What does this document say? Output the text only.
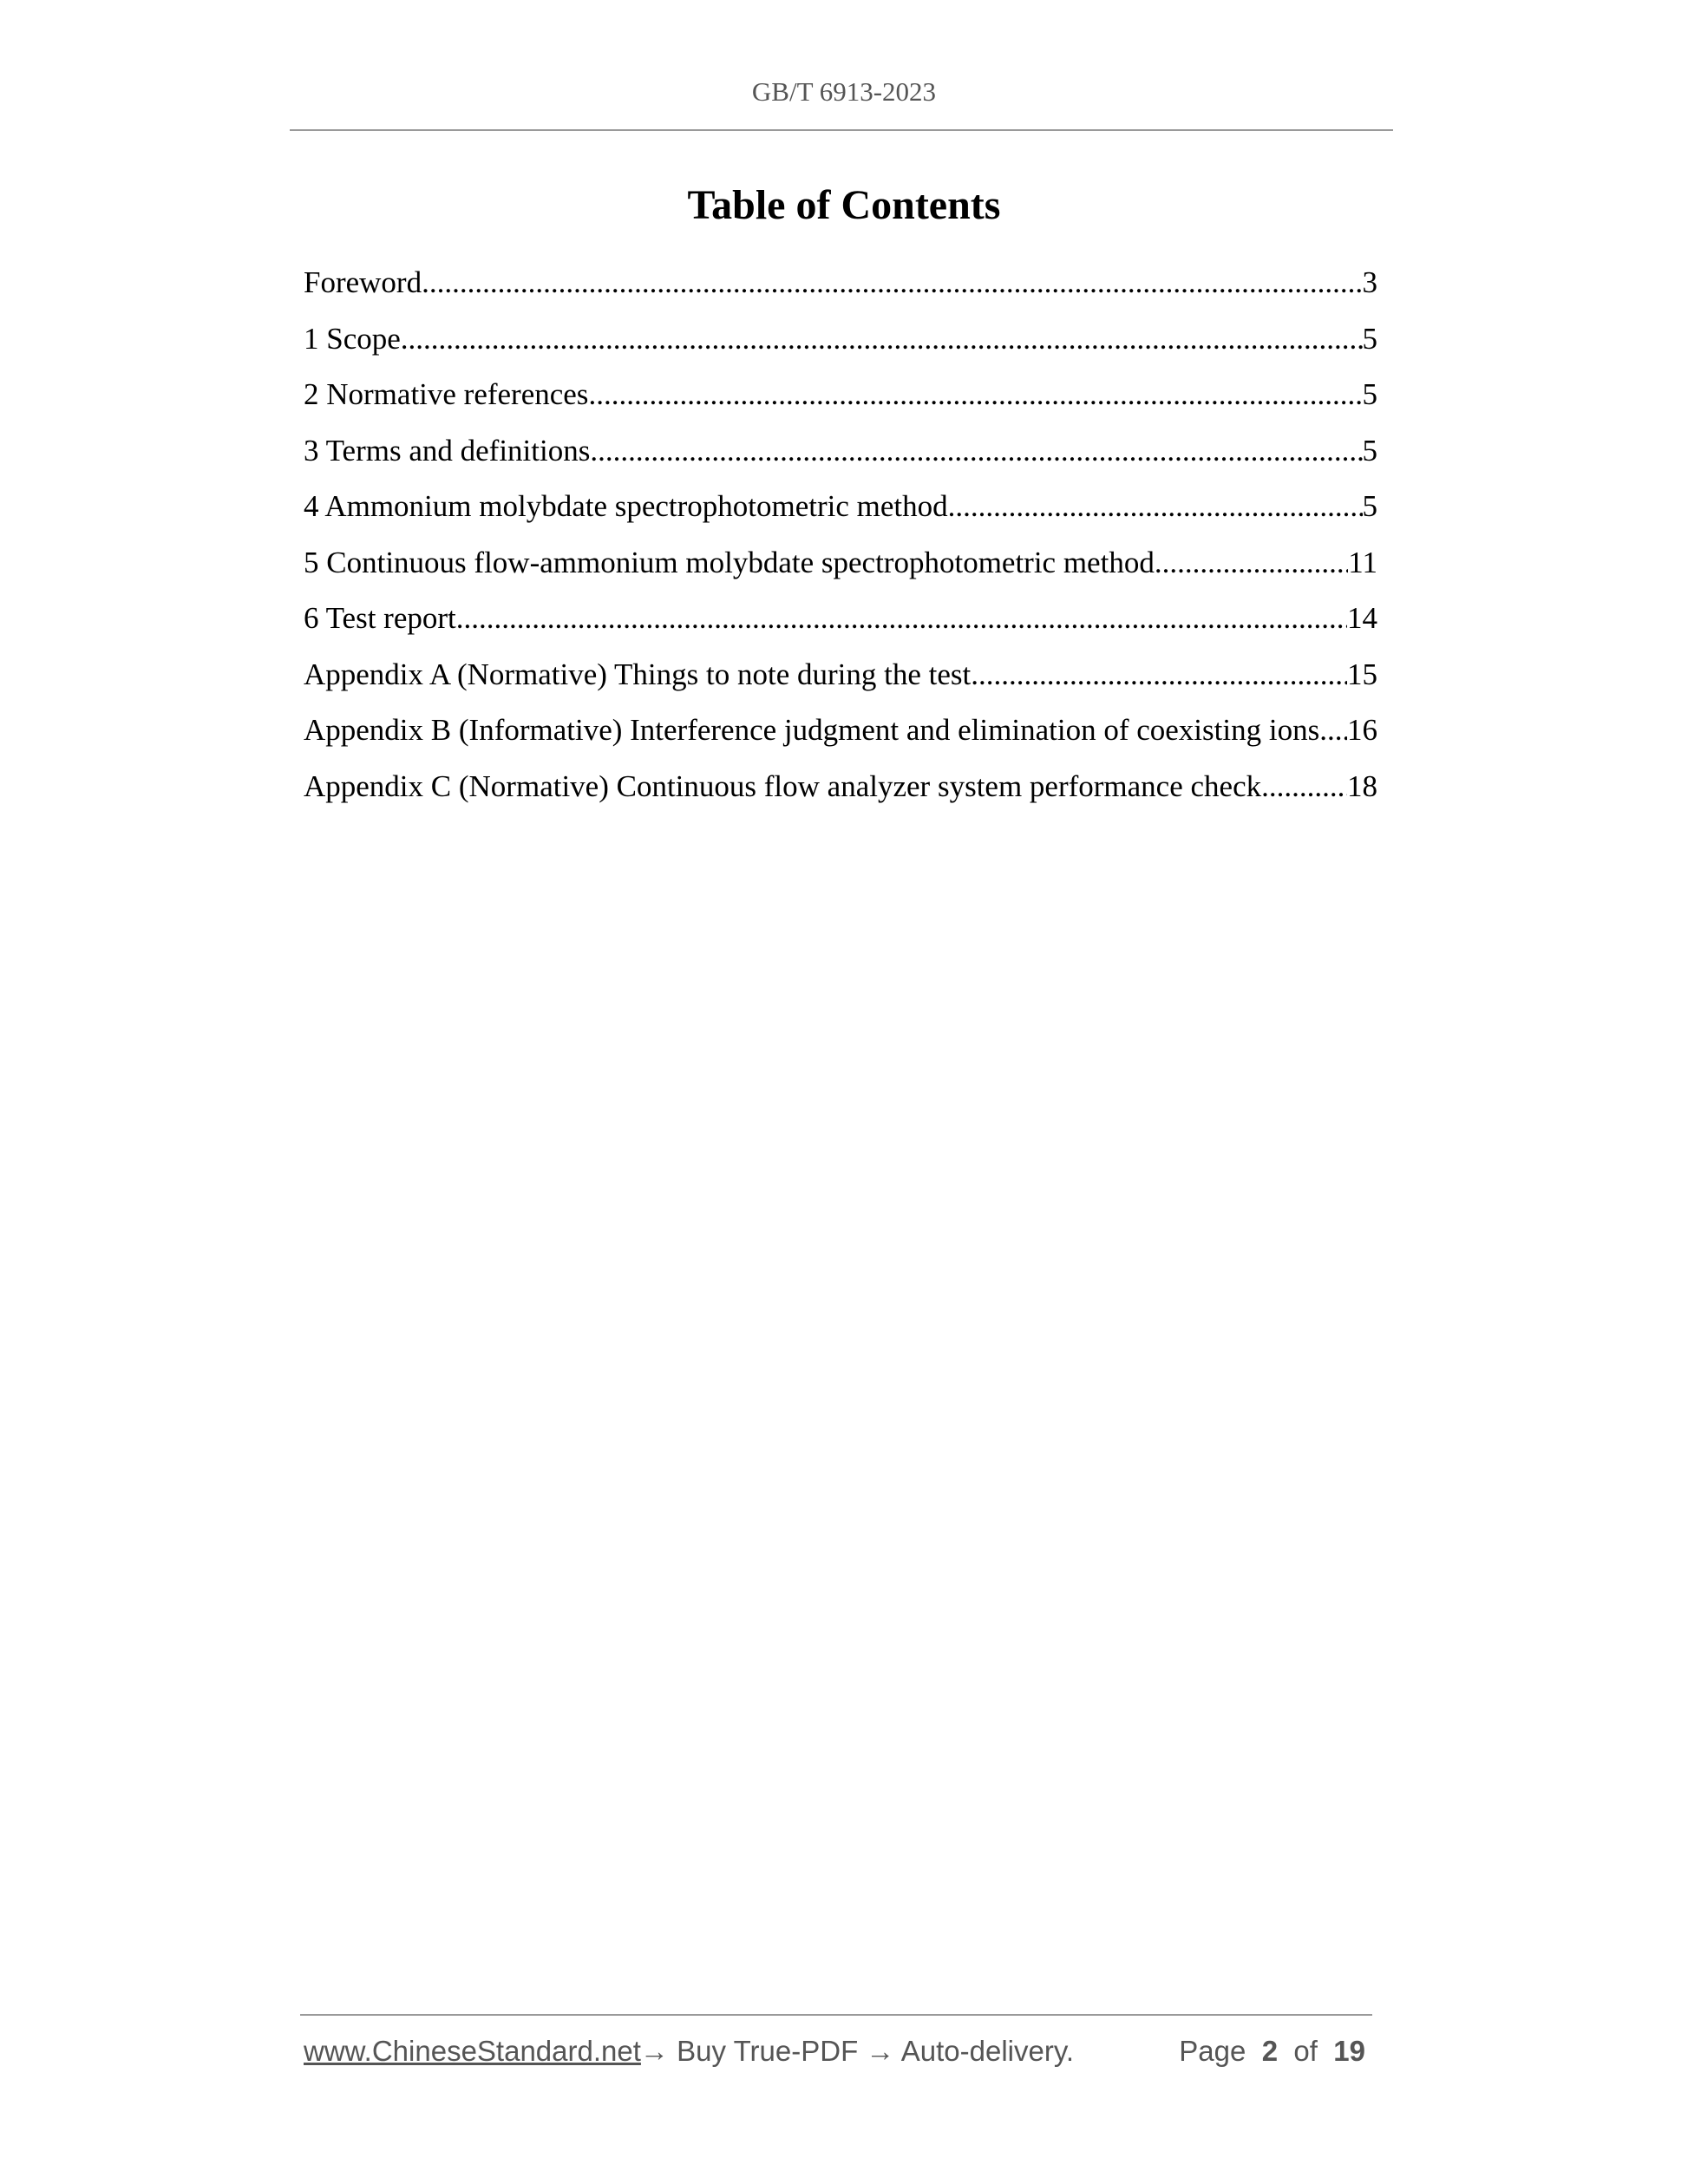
GB/T 6913-2023
Table of Contents
Foreword .....	3
1 Scope .....	5
2 Normative references .....	5
3 Terms and definitions .....	5
4 Ammonium molybdate spectrophotometric method .....	5
5 Continuous flow-ammonium molybdate spectrophotometric method .....	11
6 Test report .....	14
Appendix A (Normative) Things to note during the test .....	15
Appendix B (Informative) Interference judgment and elimination of coexisting ions ..... 16
Appendix C (Normative) Continuous flow analyzer system performance check .....	18
www.ChineseStandard.net → Buy True-PDF → Auto-delivery.	Page 2 of 19
